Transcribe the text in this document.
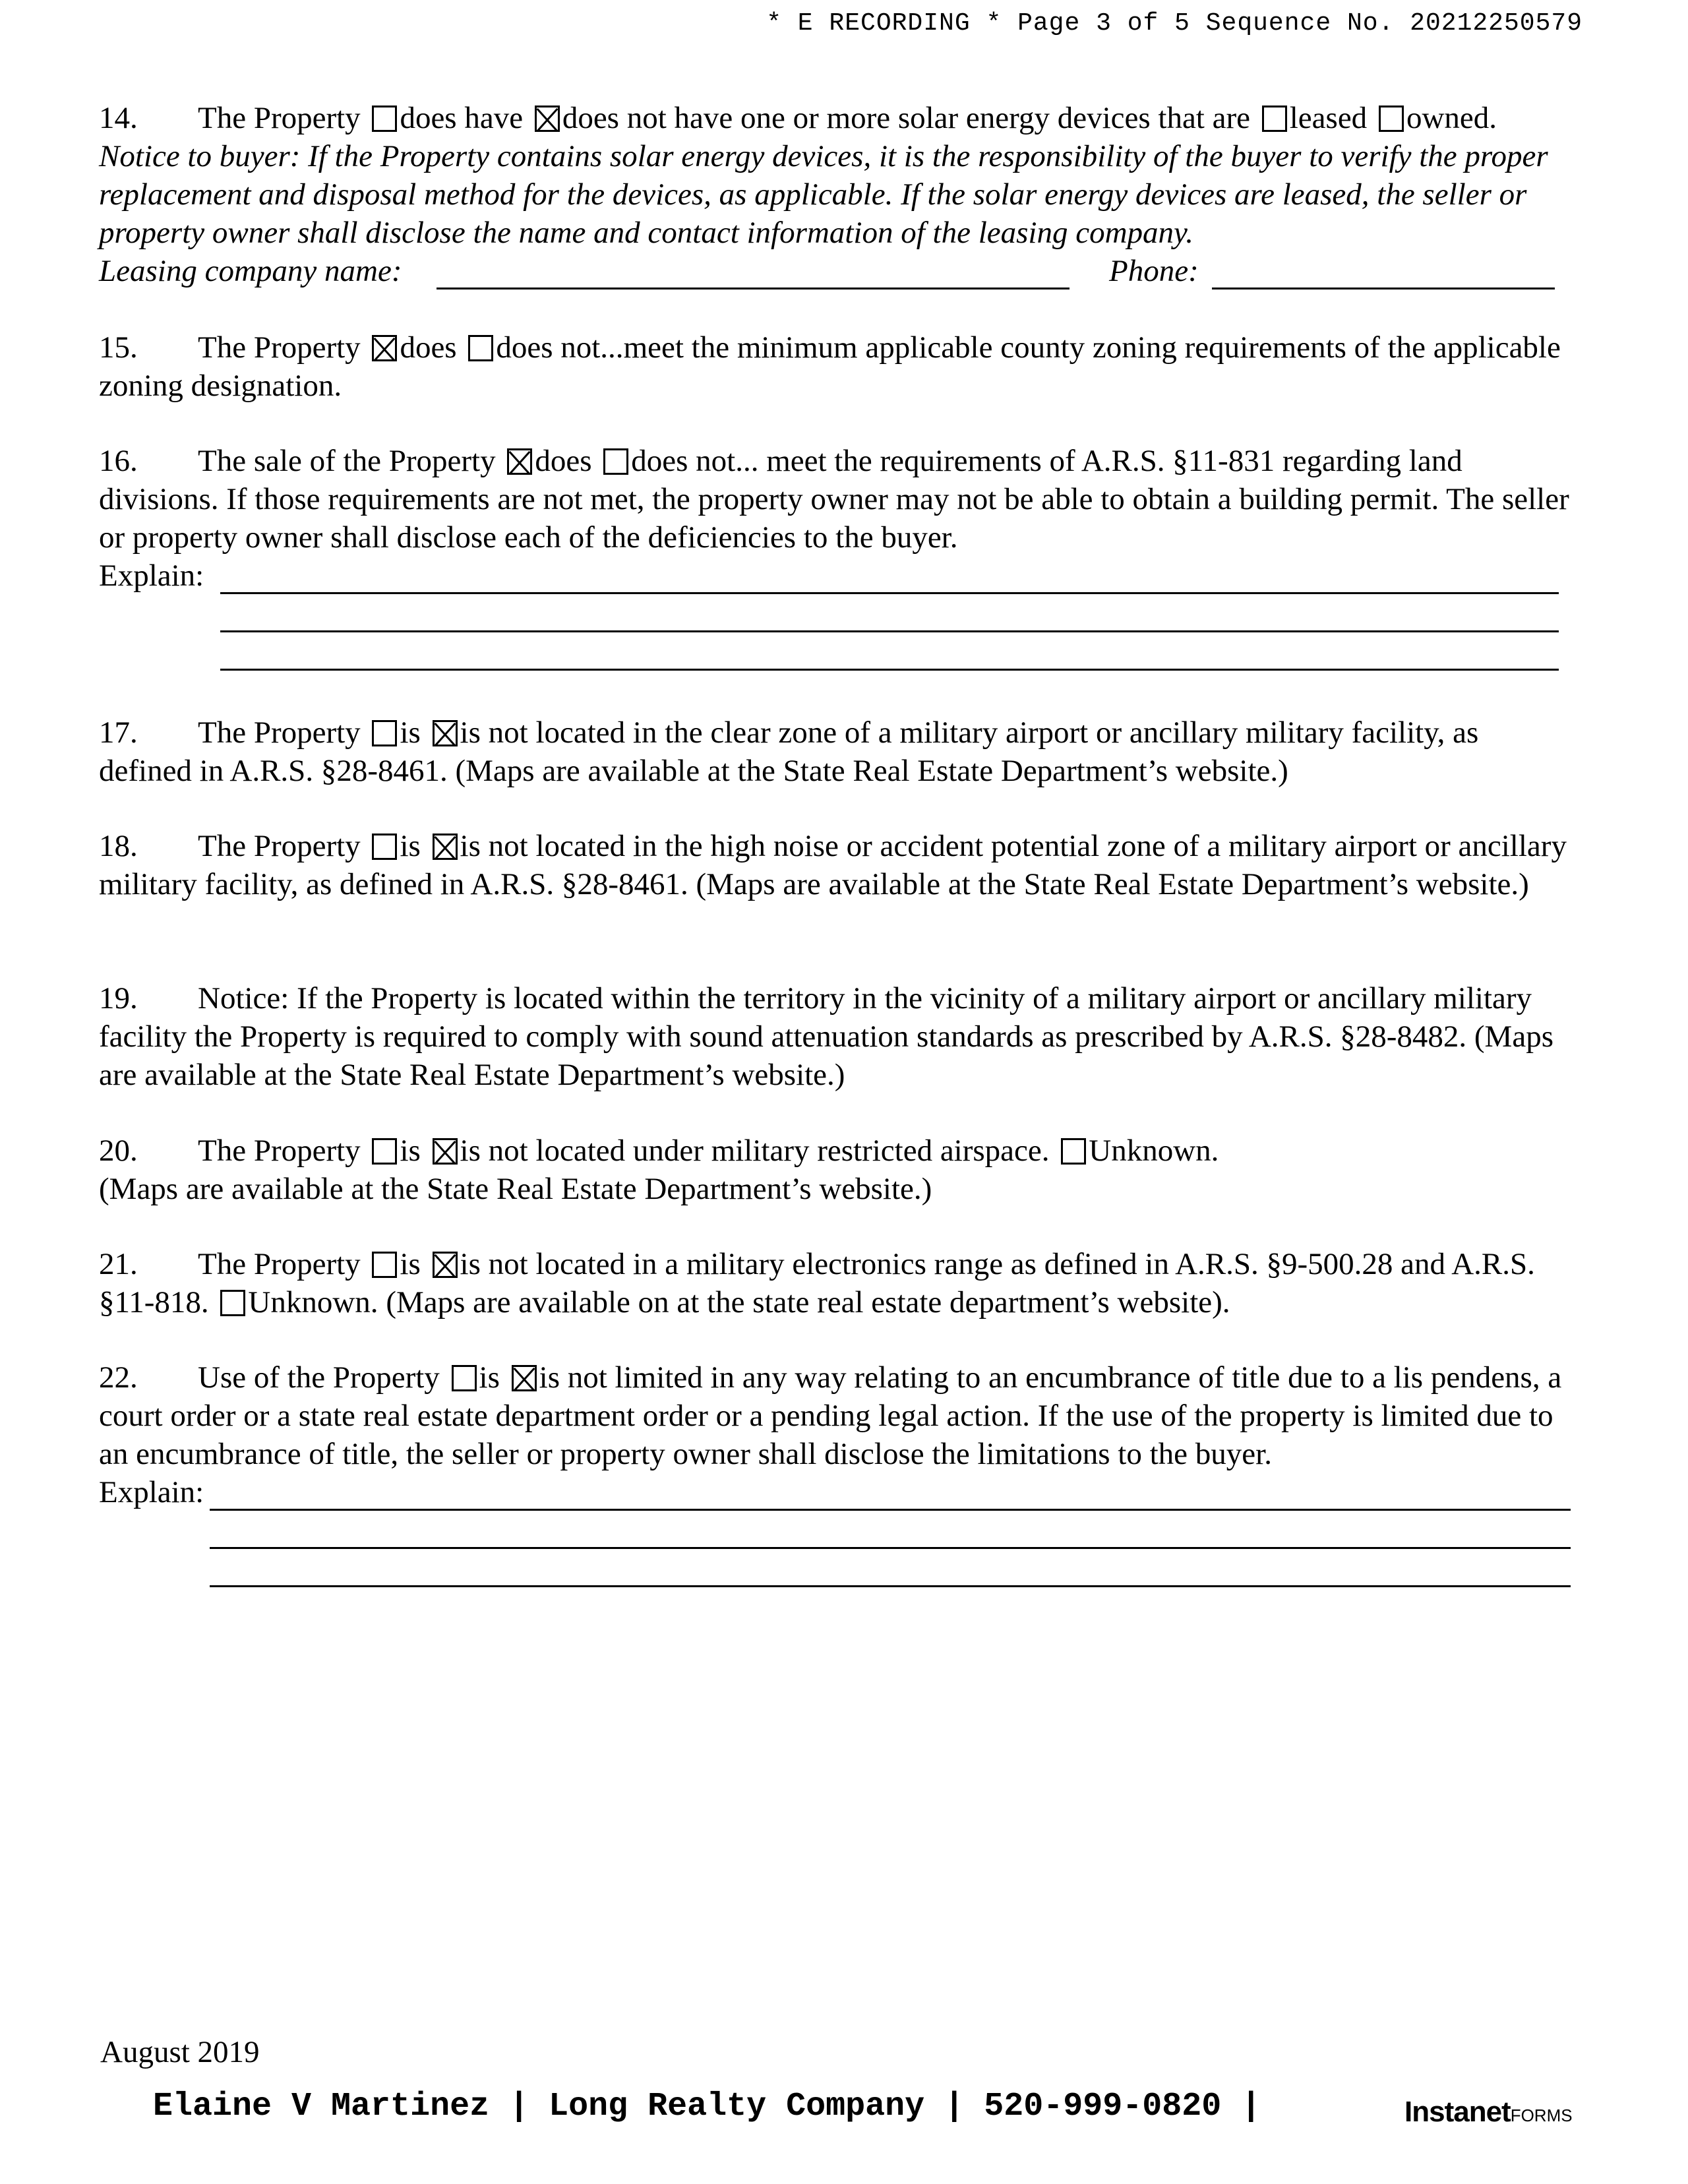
* E RECORDING * Page 3 of 5 Sequence No. 20212250579
14. The Property does have does not have one or more solar energy devices that are leased owned.
Notice to buyer: If the Property contains solar energy devices, it is the responsibility of the buyer to verify the proper replacement and disposal method for the devices, as applicable. If the solar energy devices are leased, the seller or property owner shall disclose the name and contact information of the leasing company.
Leasing company name:	Phone:
15. The Property does does not...meet the minimum applicable county zoning requirements of the applicable zoning designation.
16. The sale of the Property does does not... meet the requirements of A.R.S. §11-831 regarding land divisions. If those requirements are not met, the property owner may not be able to obtain a building permit. The seller or property owner shall disclose each of the deficiencies to the buyer.
Explain:
17. The Property is is not located in the clear zone of a military airport or ancillary military facility, as defined in A.R.S. §28-8461. (Maps are available at the State Real Estate Department’s website.)
18. The Property is is not located in the high noise or accident potential zone of a military airport or ancillary military facility, as defined in A.R.S. §28-8461. (Maps are available at the State Real Estate Department’s website.)
19. Notice: If the Property is located within the territory in the vicinity of a military airport or ancillary military facility the Property is required to comply with sound attenuation standards as prescribed by A.R.S. §28-8482. (Maps are available at the State Real Estate Department’s website.)
20. The Property is is not located under military restricted airspace. Unknown.
(Maps are available at the State Real Estate Department’s website.)
21. The Property is is not located in a military electronics range as defined in A.R.S. §9-500.28 and A.R.S. §11-818. Unknown. (Maps are available on at the state real estate department’s website).
22. Use of the Property is is not limited in any way relating to an encumbrance of title due to a lis pendens, a court order or a state real estate department order or a pending legal action. If the use of the property is limited due to an encumbrance of title, the seller or property owner shall disclose the limitations to the buyer.
Explain:
August 2019
Elaine V Martinez | Long Realty Company | 520-999-0820 |	InstanetFORMS
